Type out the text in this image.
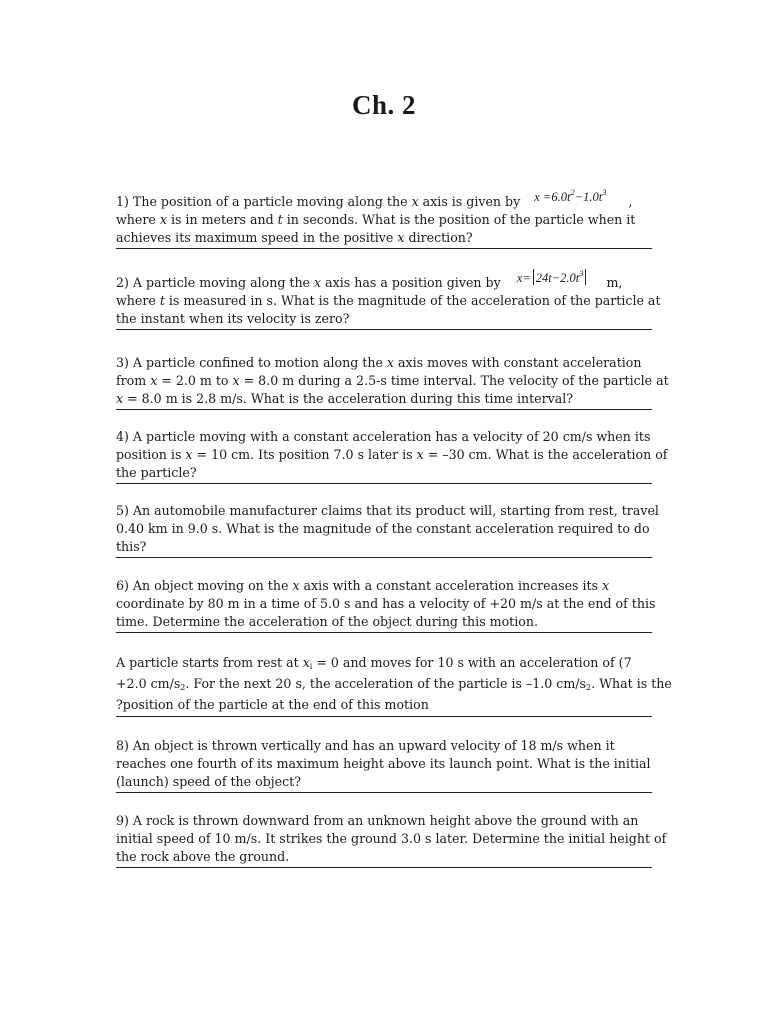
Ch. 2
1) The position of a particle moving along the x axis is given by $x =6.0t^2-1.0t^3$,
where x is in meters and t in seconds. What is the position of the particle when it
achieves its maximum speed in the positive x direction?
2) A particle moving along the x axis has a position given by $x= 24t-2.0t^3m$,
where t is measured in s. What is the magnitude of the acceleration of the particle at
the instant when its velocity is zero?
3) A particle confined to motion along the x axis moves with constant acceleration
from x = 2.0 m to x = 8.0 m during a 2.5-s time interval. The velocity of the particle at
x = 8.0 m is 2.8 m/s. What is the acceleration during this time interval?
4) A particle moving with a constant acceleration has a velocity of 20 cm/s when its
position is x = 10 cm. Its position 7.0 s later is x = –30 cm. What is the acceleration of
the particle?
5) An automobile manufacturer claims that its product will, starting from rest, travel
0.40 km in 9.0 s. What is the magnitude of the constant acceleration required to do
this?
6) An object moving on the x axis with a constant acceleration increases its x
coordinate by 80 m in a time of 5.0 s and has a velocity of +20 m/s at the end of this
time. Determine the acceleration of the object during this motion.
A particle starts from rest at $x_i = 0$ and moves for 10 s with an acceleration of (7
+2.0 cm/s2. For the next 20 s, the acceleration of the particle is –1.0 cm/s2. What is the
?position of the particle at the end of this motion
8) An object is thrown vertically and has an upward velocity of 18 m/s when it
reaches one fourth of its maximum height above its launch point. What is the initial
(launch) speed of the object?
9) A rock is thrown downward from an unknown height above the ground with an
initial speed of 10 m/s. It strikes the ground 3.0 s later. Determine the initial height of
the rock above the ground.
